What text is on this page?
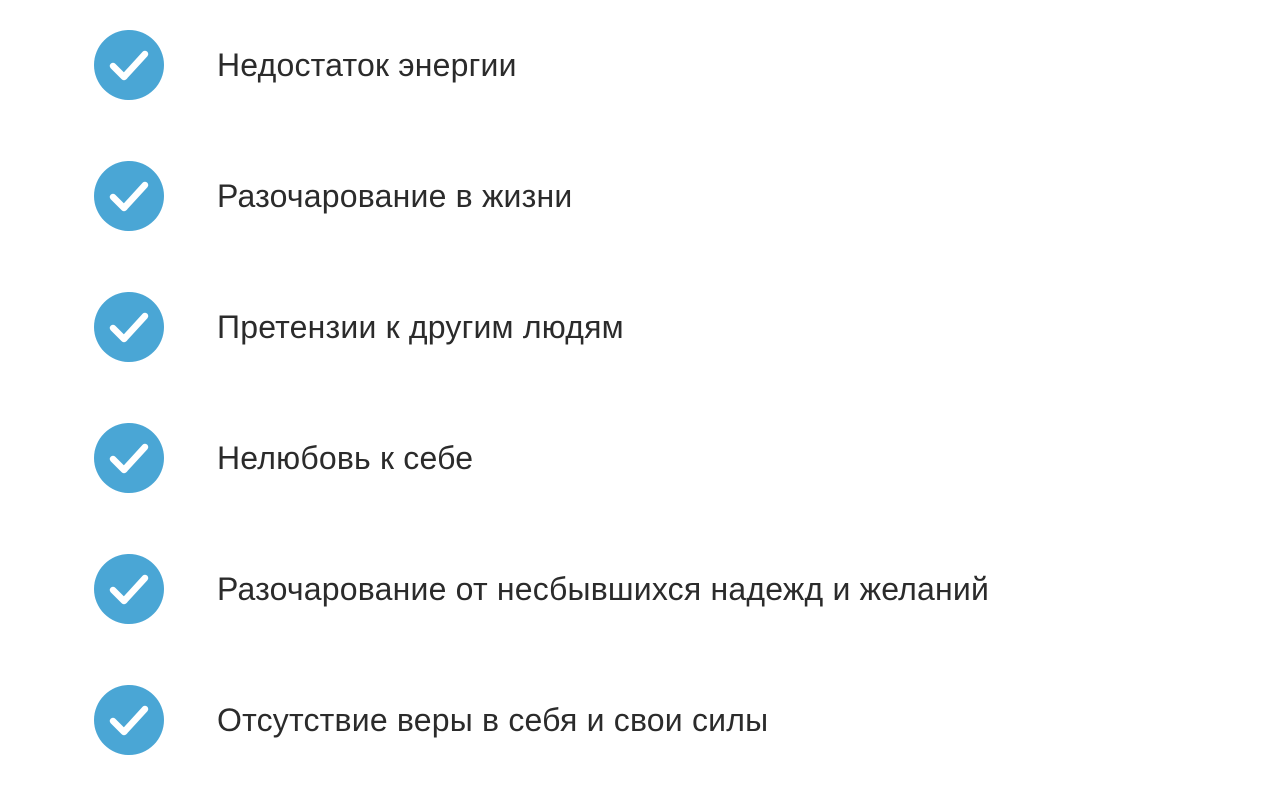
Недостаток энергии
Разочарование в жизни
Претензии к другим людям
Нелюбовь к себе
Разочарование от несбывшихся надежд и желаний
Отсутствие веры в себя и свои силы
